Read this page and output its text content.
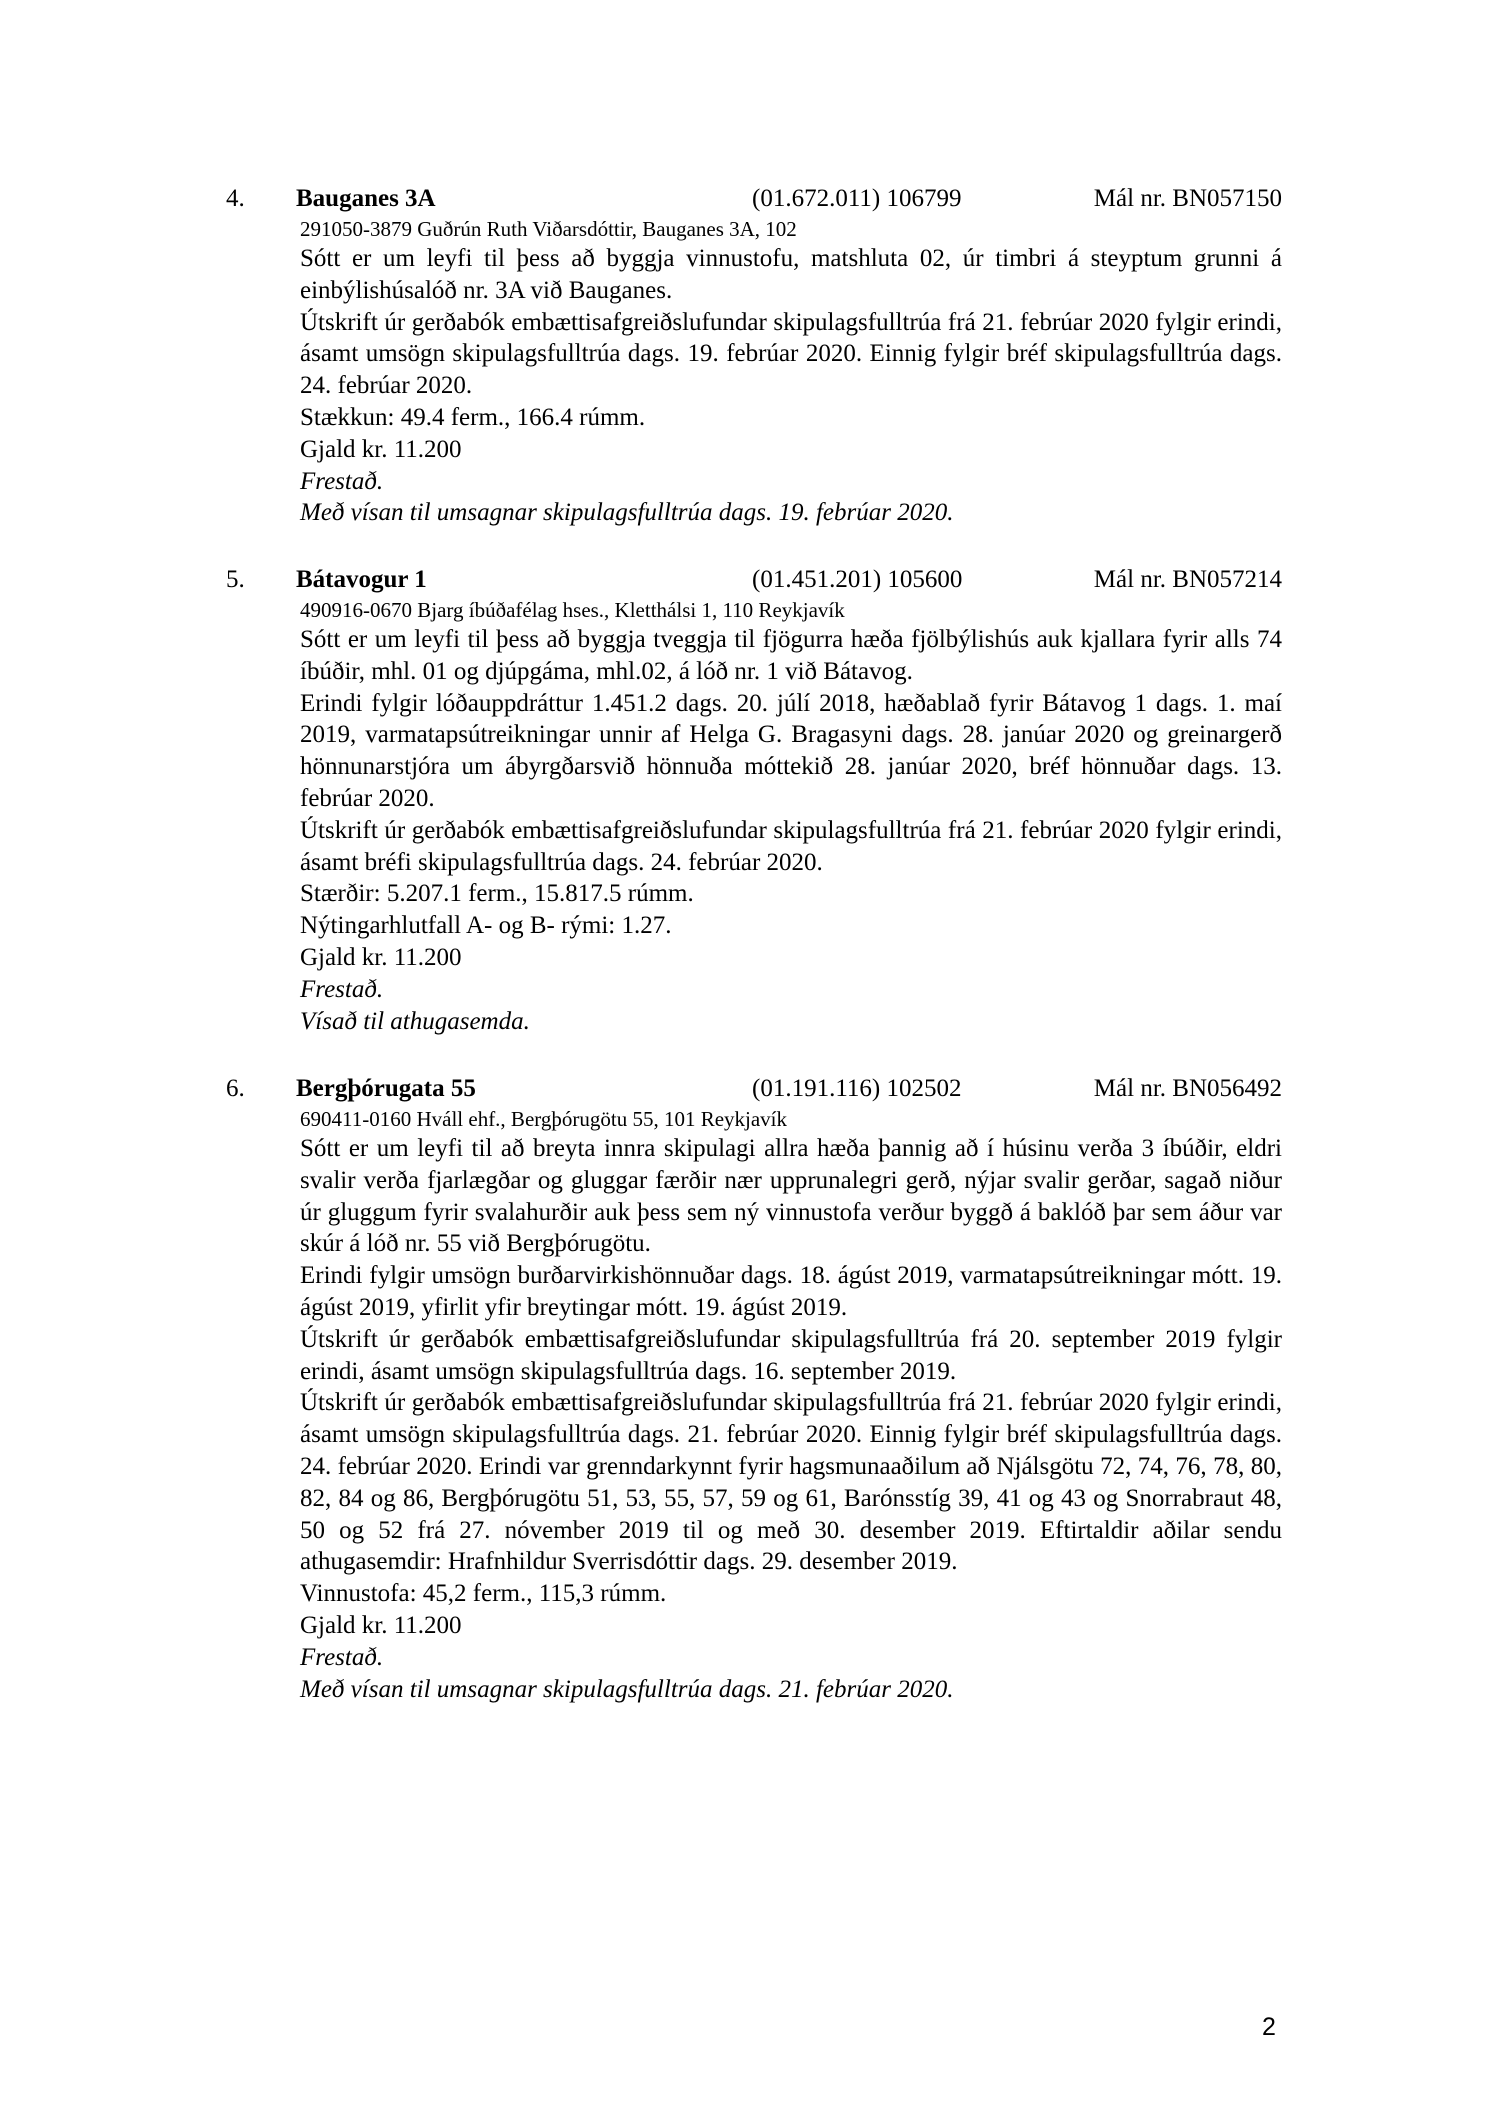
4. Bauganes 3A	(01.672.011) 106799	Mál nr. BN057150
291050-3879 Guðrún Ruth Viðarsdóttir, Bauganes 3A, 102

Sótt er um leyfi til þess að byggja vinnustofu, matshluta 02, úr timbri á steyptum grunni á einbýlishúsalóð nr. 3A við Bauganes.

Útskrift úr gerðabók embættisafgreiðslufundar skipulagsfulltrúa frá 21. febrúar 2020 fylgir erindi, ásamt umsögn skipulagsfulltrúa dags. 19. febrúar 2020. Einnig fylgir bréf skipulagsfulltrúa dags. 24. febrúar 2020.

Stækkun: 49.4 ferm., 166.4 rúmm.

Gjald kr. 11.200

Frestað.

Með vísan til umsagnar skipulagsfulltrúa dags. 19. febrúar 2020.

5. Bátavogur 1	(01.451.201) 105600	Mál nr. BN057214
490916-0670 Bjarg íbúðafélag hses., Kletthálsi 1, 110 Reykjavík

Sótt er um leyfi til þess að byggja tveggja til fjögurra hæða fjölbýlishús auk kjallara fyrir alls 74 íbúðir, mhl. 01 og djúpgáma, mhl.02, á lóð nr. 1 við Bátavog.

Erindi fylgir lóðauppdráttur 1.451.2 dags. 20. júlí 2018, hæðablað fyrir Bátavog 1 dags. 1. maí 2019, varmatapsútreikningar unnir af Helga G. Bragasyni dags. 28. janúar 2020 og greinargerð hönnunarstjóra um ábyrgðarsvið hönnuða móttekið 28. janúar 2020, bréf hönnuðar dags. 13. febrúar 2020.

Útskrift úr gerðabók embættisafgreiðslufundar skipulagsfulltrúa frá 21. febrúar 2020 fylgir erindi, ásamt bréfi skipulagsfulltrúa dags. 24. febrúar 2020.

Stærðir: 5.207.1 ferm., 15.817.5 rúmm.

Nýtingarhlutfall A- og B- rými: 1.27.

Gjald kr. 11.200

Frestað.

Vísað til athugasemda.

6. Bergþórugata 55	(01.191.116) 102502	Mál nr. BN056492
690411-0160 Hváll ehf., Bergþórugötu 55, 101 Reykjavík

Sótt er um leyfi til að breyta innra skipulagi allra hæða þannig að í húsinu verða 3 íbúðir, eldri svalir verða fjarlægðar og gluggar færðir nær upprunalegri gerð, nýjar svalir gerðar, sagað niður úr gluggum fyrir svalahurðir auk þess sem ný vinnustofa verður byggð á baklóð þar sem áður var skúr á lóð nr. 55 við Bergþórugötu.

Erindi fylgir umsögn burðarvirkishönnuðar dags. 18. ágúst 2019, varmatapsútreikningar mótt. 19. ágúst 2019, yfirlit yfir breytingar mótt. 19. ágúst 2019.

Útskrift úr gerðabók embættisafgreiðslufundar skipulagsfulltrúa frá 20. september 2019 fylgir erindi, ásamt umsögn skipulagsfulltrúa dags. 16. september 2019.

Útskrift úr gerðabók embættisafgreiðslufundar skipulagsfulltrúa frá 21. febrúar 2020 fylgir erindi, ásamt umsögn skipulagsfulltrúa dags. 21. febrúar 2020. Einnig fylgir bréf skipulagsfulltrúa dags. 24. febrúar 2020. Erindi var grenndarkynnt fyrir hagsmunaaðilum að Njálsgötu 72, 74, 76, 78, 80, 82, 84 og 86, Bergþórugötu 51, 53, 55, 57, 59 og 61, Barónsstíg 39, 41 og 43 og Snorrabraut 48, 50 og 52 frá 27. nóvember 2019 til og með 30. desember 2019. Eftirtaldir aðilar sendu athugasemdir: Hrafnhildur Sverrisdóttir dags. 29. desember 2019.

Vinnustofa: 45,2 ferm., 115,3 rúmm.

Gjald kr. 11.200

Frestað.

Með vísan til umsagnar skipulagsfulltrúa dags. 21. febrúar 2020.

2
